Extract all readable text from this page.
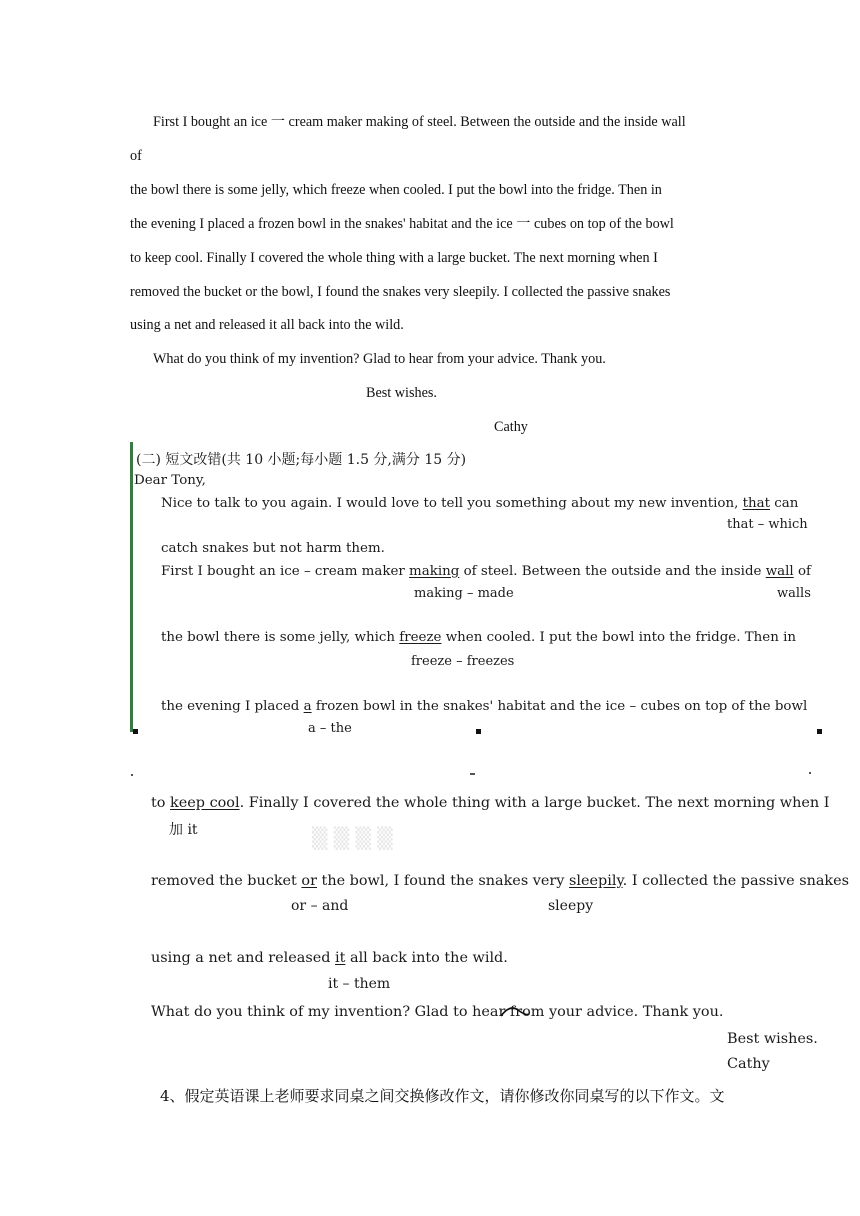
First I bought an ice 一 cream maker making of steel. Between the outside and the inside wall
of
the bowl there is some jelly, which freeze when cooled. I put the bowl into the fridge. Then in
the evening I placed a frozen bowl in the snakes' habitat and the ice 一 cubes on top of the bowl
to keep cool. Finally I covered the whole thing with a large bucket. The next morning when I
removed the bucket or the bowl, I found the snakes very sleepily. I collected the passive snakes
using a net and released it all back into the wild.
What do you think of my invention? Glad to hear from your advice. Thank you.
Best wishes.
Cathy
(二) 短文改错(共 10 小题;每小题 1.5 分,满分 15 分)
Dear Tony,
Nice to talk to you again. I would love to tell you something about my new invention, that can
that – which
catch snakes but not harm them.
First I bought an ice – cream maker making of steel. Between the outside and the inside wall of
making – made	walls
the bowl there is some jelly, which freeze when cooled. I put the bowl into the fridge. Then in
freeze – freezes
the evening I placed a frozen bowl in the snakes' habitat and the ice – cubes on top of the bowl
a – the
▒ ▒ ▒ ▒
to keep cool. Finally I covered the whole thing with a large bucket. The next morning when I
加 it
removed the bucket or the bowl, I found the snakes very sleepily. I collected the passive snakes
or – and	sleepy
using a net and released it all back into the wild.
it – them
What do you think of my invention? Glad to hear from your advice. Thank you.
Best wishes.
Cathy
4、假定英语课上老师要求同桌之间交换修改作文，请你修改你同桌写的以下作文。文
